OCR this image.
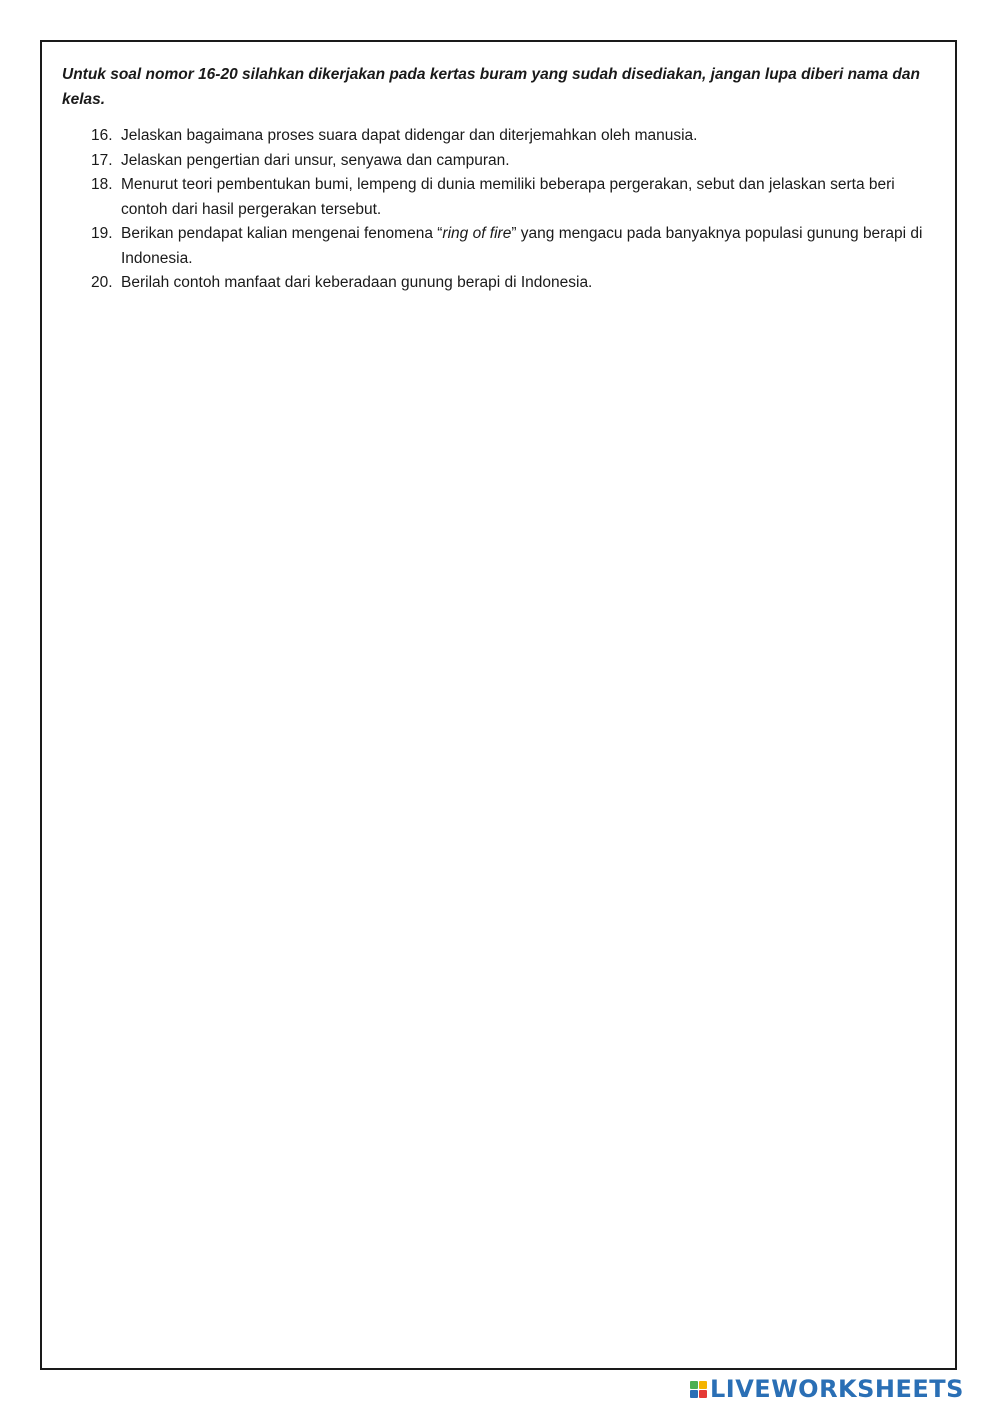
Untuk soal nomor 16-20 silahkan dikerjakan pada kertas buram yang sudah disediakan, jangan lupa diberi nama dan kelas.

16. Jelaskan bagaimana proses suara dapat didengar dan diterjemahkan oleh manusia.
17. Jelaskan pengertian dari unsur, senyawa dan campuran.
18. Menurut teori pembentukan bumi, lempeng di dunia memiliki beberapa pergerakan, sebut dan jelaskan serta beri contoh dari hasil pergerakan tersebut.
19. Berikan pendapat kalian mengenai fenomena “ring of fire” yang mengacu pada banyaknya populasi gunung berapi di Indonesia.
20. Berilah contoh manfaat dari keberadaan gunung berapi di Indonesia.
LIVEWORKSHEETS
